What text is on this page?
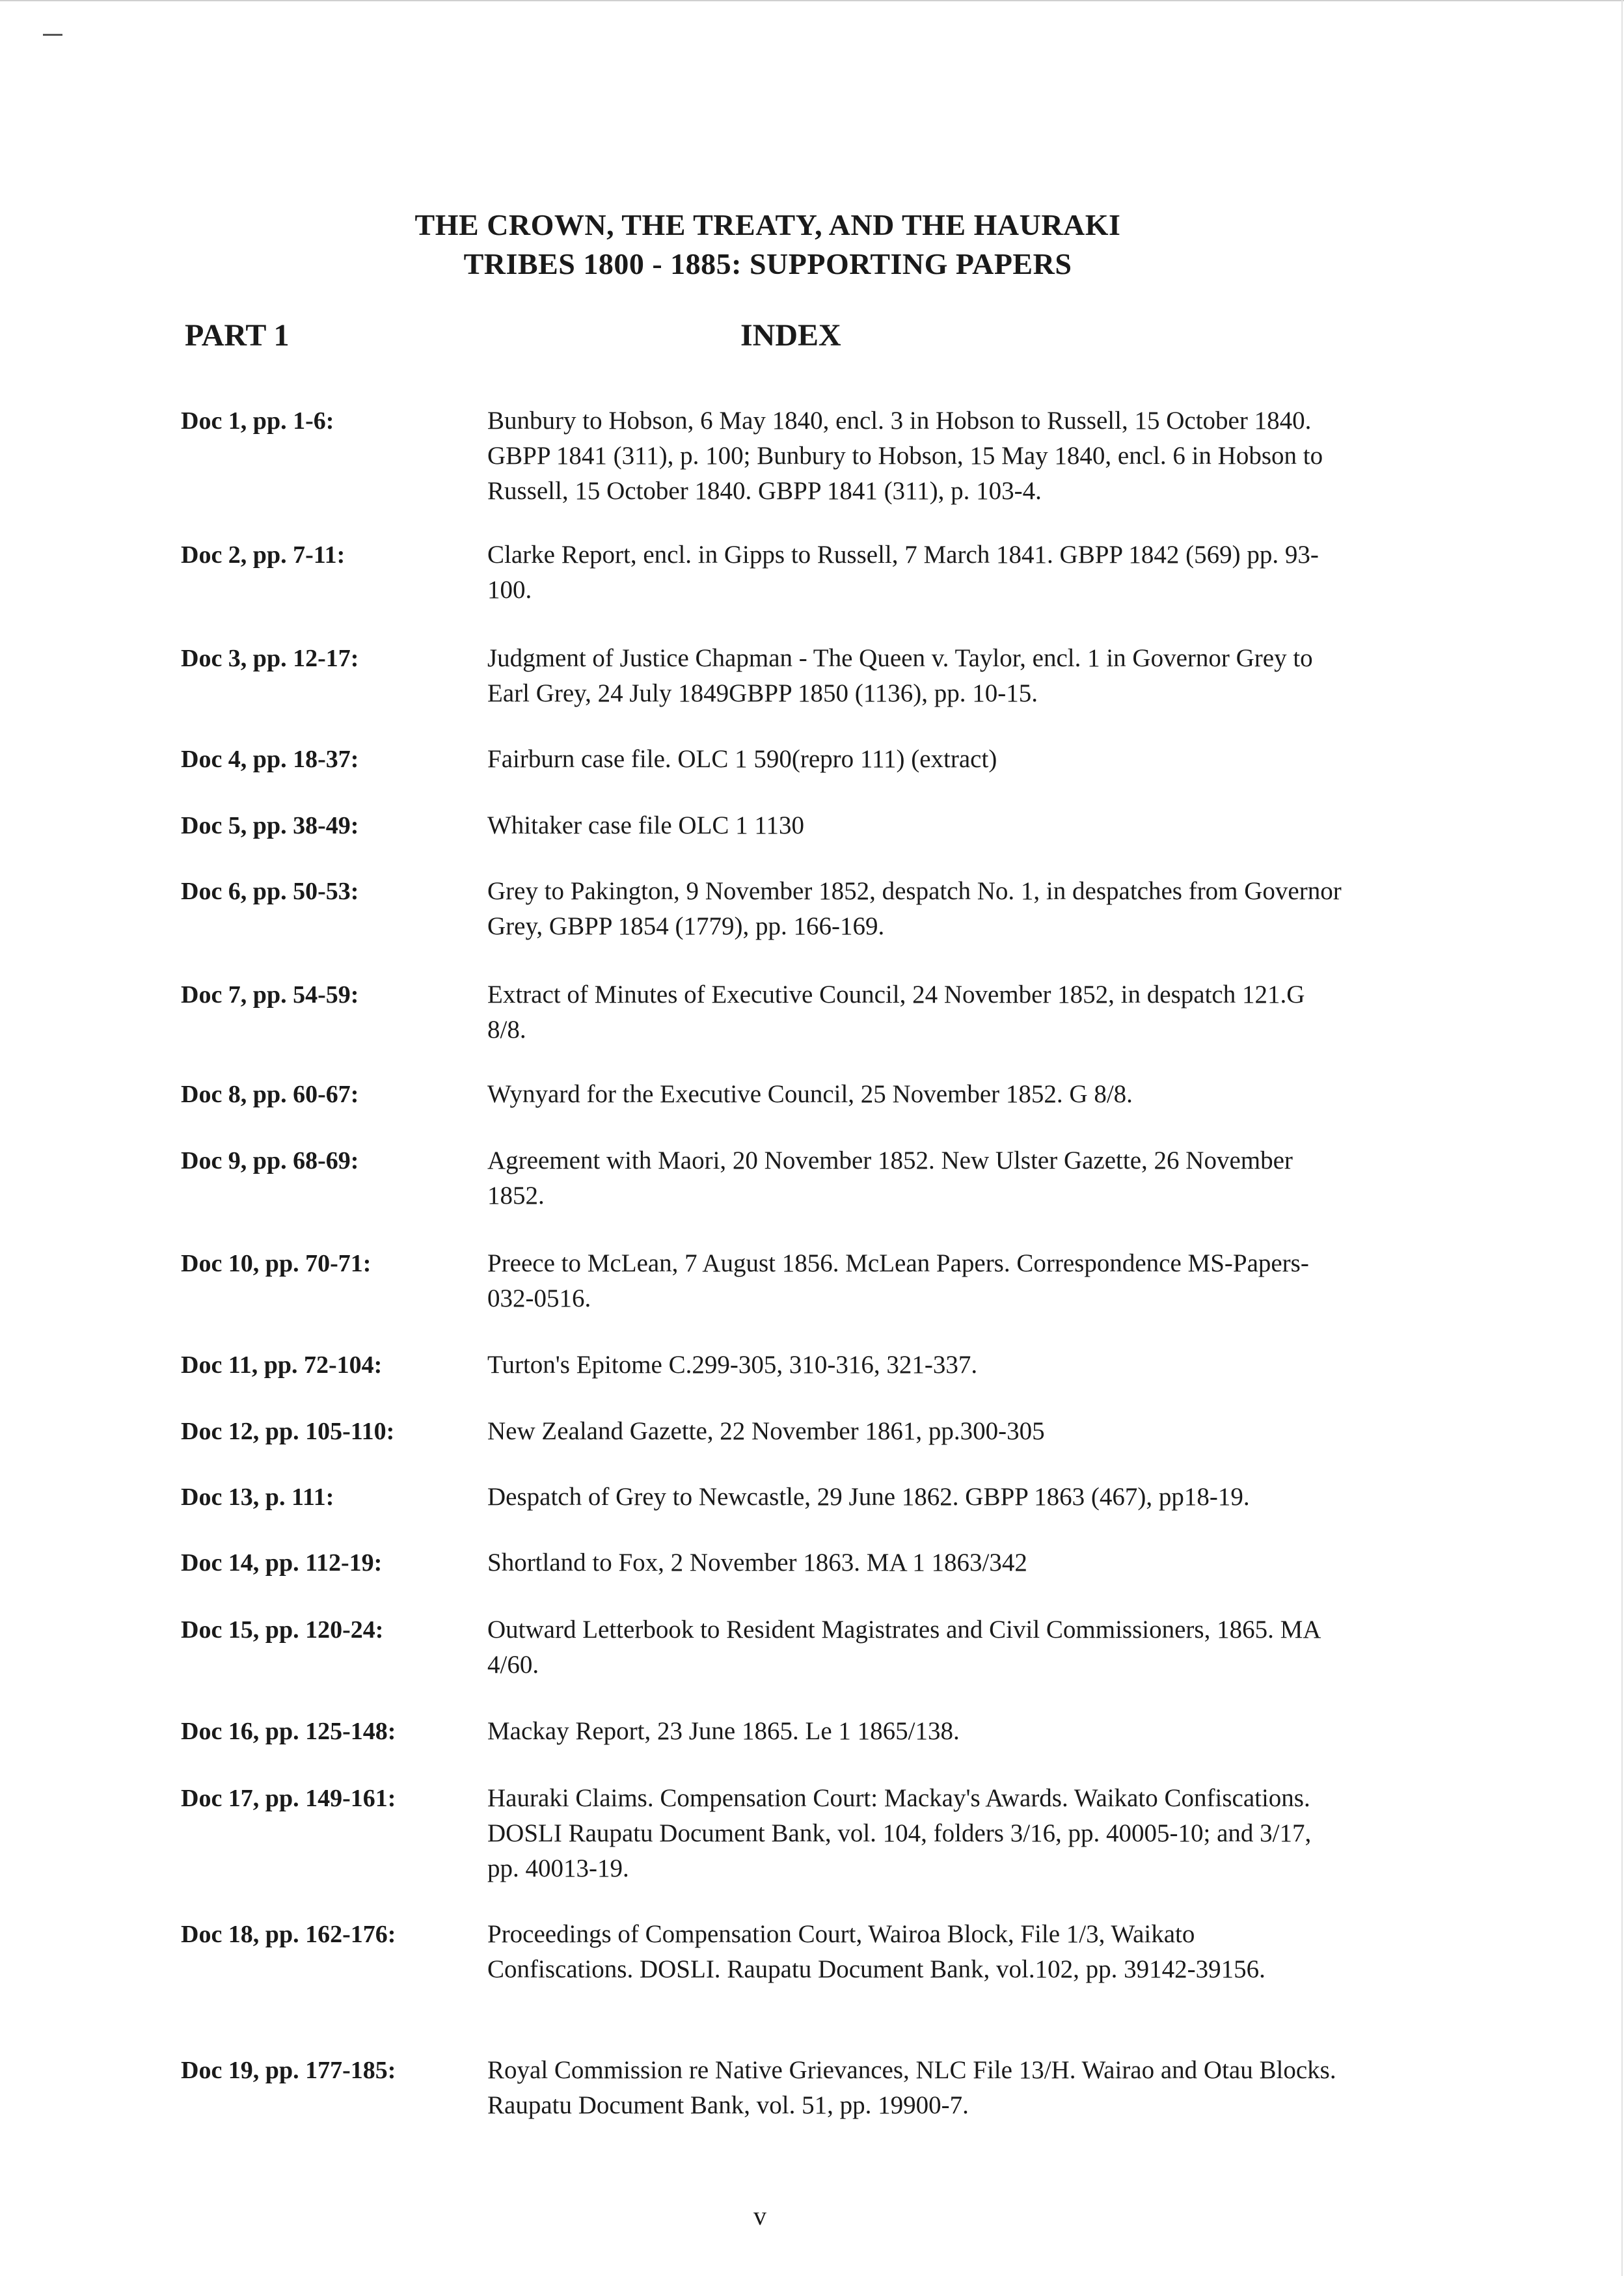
THE CROWN, THE TREATY, AND THE HAURAKI
TRIBES 1800 - 1885: SUPPORTING PAPERS
PART 1	INDEX
Doc 1, pp. 1-6:	Bunbury to Hobson, 6 May 1840, encl. 3 in Hobson to Russell, 15 October 1840. GBPP 1841 (311), p. 100; Bunbury to Hobson, 15 May 1840, encl. 6 in Hobson to Russell, 15 October 1840. GBPP 1841 (311), p. 103-4.
Doc 2, pp. 7-11:	Clarke Report, encl. in Gipps to Russell, 7 March 1841. GBPP 1842 (569) pp. 93-100.
Doc 3, pp. 12-17:	Judgment of Justice Chapman - The Queen v. Taylor, encl. 1 in Governor Grey to Earl Grey, 24 July 1849GBPP 1850 (1136), pp. 10-15.
Doc 4, pp. 18-37:	Fairburn case file. OLC 1 590(repro 111) (extract)
Doc 5, pp. 38-49:	Whitaker case file OLC 1 1130
Doc 6, pp. 50-53:	Grey to Pakington, 9 November 1852, despatch No. 1, in despatches from Governor Grey, GBPP 1854 (1779), pp. 166-169.
Doc 7, pp. 54-59:	Extract of Minutes of Executive Council, 24 November 1852, in despatch 121.G 8/8.
Doc 8, pp. 60-67:	Wynyard for the Executive Council, 25 November 1852. G 8/8.
Doc 9, pp. 68-69:	Agreement with Maori, 20 November 1852. New Ulster Gazette, 26 November 1852.
Doc 10, pp. 70-71:	Preece to McLean, 7 August 1856. McLean Papers. Correspondence MS-Papers- 032-0516.
Doc 11, pp. 72-104:	Turton's Epitome C.299-305, 310-316, 321-337.
Doc 12, pp. 105-110:	New Zealand Gazette, 22 November 1861, pp.300-305
Doc 13, p. 111:	Despatch of Grey to Newcastle, 29 June 1862. GBPP 1863 (467), pp18-19.
Doc 14, pp. 112-19:	Shortland to Fox, 2 November 1863. MA 1 1863/342
Doc 15, pp. 120-24:	Outward Letterbook to Resident Magistrates and Civil Commissioners, 1865. MA 4/60.
Doc 16, pp. 125-148:	Mackay Report, 23 June 1865. Le 1 1865/138.
Doc 17, pp. 149-161:	Hauraki Claims. Compensation Court: Mackay's Awards. Waikato Confiscations. DOSLI Raupatu Document Bank, vol. 104, folders 3/16, pp. 40005-10; and 3/17, pp. 40013-19.
Doc 18, pp. 162-176:	Proceedings of Compensation Court, Wairoa Block, File 1/3, Waikato Confiscations. DOSLI. Raupatu Document Bank, vol.102, pp. 39142-39156.
Doc 19, pp. 177-185:	Royal Commission re Native Grievances, NLC File 13/H. Wairao and Otau Blocks. Raupatu Document Bank, vol. 51, pp. 19900-7.
v
